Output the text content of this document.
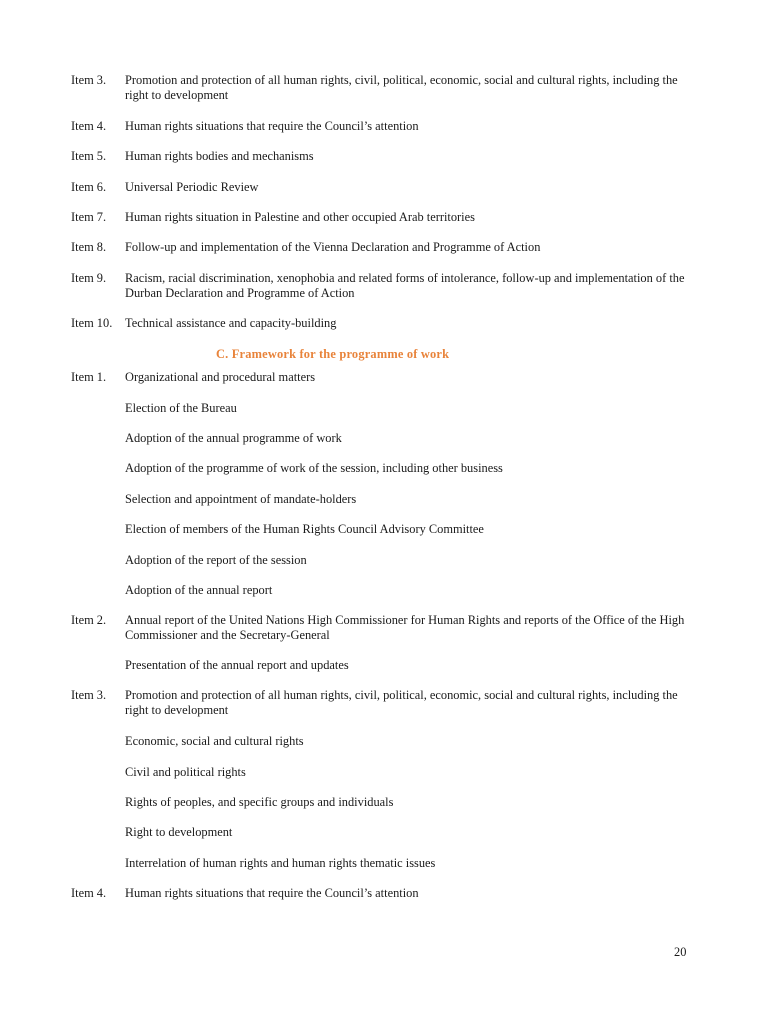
Item 3. Promotion and protection of all human rights, civil, political, economic, social and cultural rights, including the right to development
Item 4. Human rights situations that require the Council’s attention
Item 5. Human rights bodies and mechanisms
Item 6. Universal Periodic Review
Item 7. Human rights situation in Palestine and other occupied Arab territories
Item 8. Follow-up and implementation of the Vienna Declaration and Programme of Action
Item 9. Racism, racial discrimination, xenophobia and related forms of intolerance, follow-up and implementation of the Durban Declaration and Programme of Action
Item 10. Technical assistance and capacity-building
C. Framework for the programme of work
Item 1. Organizational and procedural matters
Election of the Bureau
Adoption of the annual programme of work
Adoption of the programme of work of the session, including other business
Selection and appointment of mandate-holders
Election of members of the Human Rights Council Advisory Committee
Adoption of the report of the session
Adoption of the annual report
Item 2. Annual report of the United Nations High Commissioner for Human Rights and reports of the Office of the High Commissioner and the Secretary-General
Presentation of the annual report and updates
Item 3. Promotion and protection of all human rights, civil, political, economic, social and cultural rights, including the right to development
Economic, social and cultural rights
Civil and political rights
Rights of peoples, and specific groups and individuals
Right to development
Interrelation of human rights and human rights thematic issues
Item 4. Human rights situations that require the Council’s attention
20
